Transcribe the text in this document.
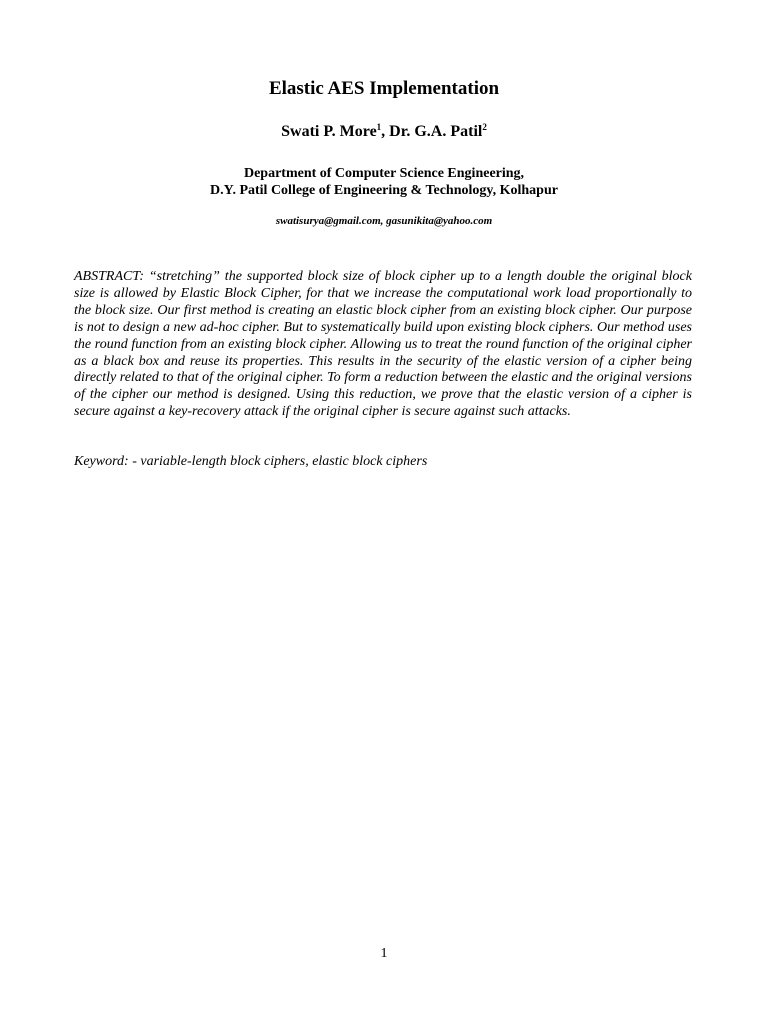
Elastic AES Implementation
Swati P. More$^1$, Dr. G.A. Patil$^2$
Department of Computer Science Engineering,
D.Y. Patil College of Engineering & Technology, Kolhapur
swatisurya@gmail.com, gasunikita@yahoo.com

ABSTRACT: “stretching” the supported block size of block cipher up to a length double the original block size is allowed by Elastic Block Cipher, for that we increase the computational work load proportionally to the block size. Our first method is creating an elastic block cipher from an existing block cipher. Our purpose is not to design a new ad-hoc cipher. But to systematically build upon existing block ciphers. Our method uses the round function from an existing block cipher. Allowing us to treat the round function of the original cipher as a black box and reuse its properties. This results in the security of the elastic version of a cipher being directly related to that of the original cipher. To form a reduction between the elastic and the original versions of the cipher our method is designed. Using this reduction, we prove that the elastic version of a cipher is secure against a key-recovery attack if the original cipher is secure against such attacks.

Keyword: - variable-length block ciphers, elastic block ciphers

1
